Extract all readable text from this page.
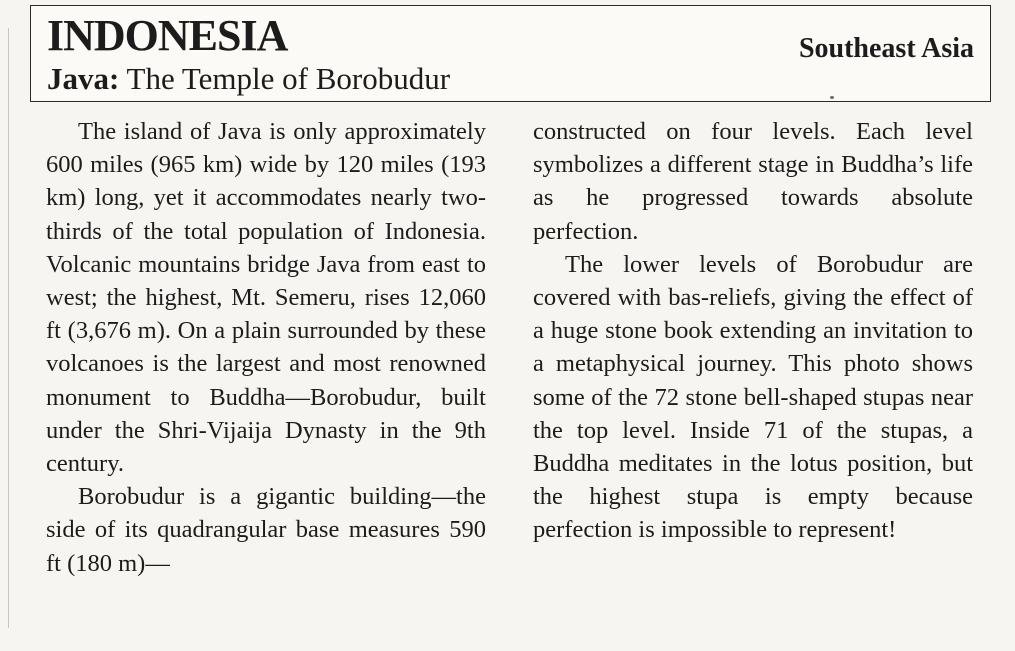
INDONESIA
Java: The Temple of Borobudur
Southeast Asia

The island of Java is only approximately 600 miles (965 km) wide by 120 miles (193 km) long, yet it accommodates nearly two-thirds of the total population of Indonesia. Volcanic mountains bridge Java from east to west; the highest, Mt. Semeru, rises 12,060 ft (3,676 m). On a plain surrounded by these volcanoes is the largest and most renowned monument to Buddha—Borobudur, built under the Shri-Vijaija Dynasty in the 9th century.

Borobudur is a gigantic building—the side of its quadrangular base measures 590 ft (180 m)—

constructed on four levels. Each level symbolizes a different stage in Buddha’s life as he progressed towards absolute perfection.

The lower levels of Borobudur are covered with bas-reliefs, giving the effect of a huge stone book extending an invitation to a metaphysical journey. This photo shows some of the 72 stone bell-shaped stupas near the top level. Inside 71 of the stupas, a Buddha meditates in the lotus position, but the highest stupa is empty because perfection is impossible to represent!
